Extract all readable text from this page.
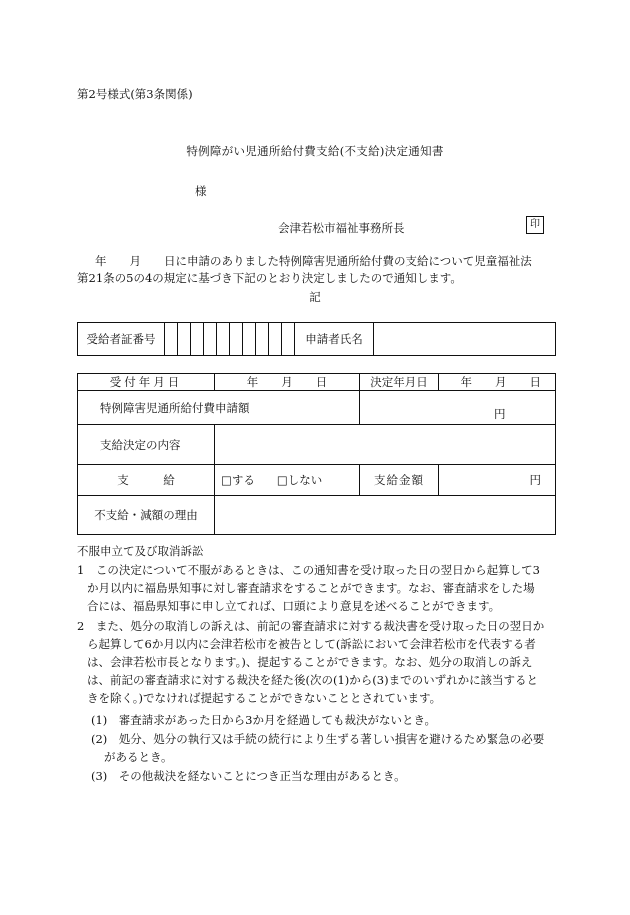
第2号様式(第3条関係)
特例障がい児通所給付費支給(不支給)決定通知書
様
会津若松市福祉事務所長	印
年　　月　　日に申請のありました特例障害児通所給付費の支給について児童福祉法
第21条の5の4の規定に基づき下記のとおり決定しましたので通知します。
記
受給者証番号											申請者氏名	
受付年月日	年　　月　　日	決定年月日	年　　月　　日
特例障害児通所給付費申請額		円	
支給決定の内容			
支　　　給	□する □しない	支給金額	円
不支給・減額の理由			
不服申立て及び取消訴訟
1　この決定について不服があるときは、この通知書を受け取った日の翌日から起算して3
か月以内に福島県知事に対し審査請求をすることができます。なお、審査請求をした場
合には、福島県知事に申し立てれば、口頭により意見を述べることができます。
2　また、処分の取消しの訴えは、前記の審査請求に対する裁決書を受け取った日の翌日か
ら起算して6か月以内に会津若松市を被告として(訴訟において会津若松市を代表する者
は、会津若松市長となります。)、提起することができます。なお、処分の取消しの訴え
は、前記の審査請求に対する裁決を経た後(次の(1)から(3)までのいずれかに該当すると
きを除く。)でなければ提起することができないこととされています。
(1)　審査請求があった日から3か月を経過しても裁決がないとき。
(2)　処分、処分の執行又は手続の続行により生ずる著しい損害を避けるため緊急の必要
があるとき。
(3)　その他裁決を経ないことにつき正当な理由があるとき。
